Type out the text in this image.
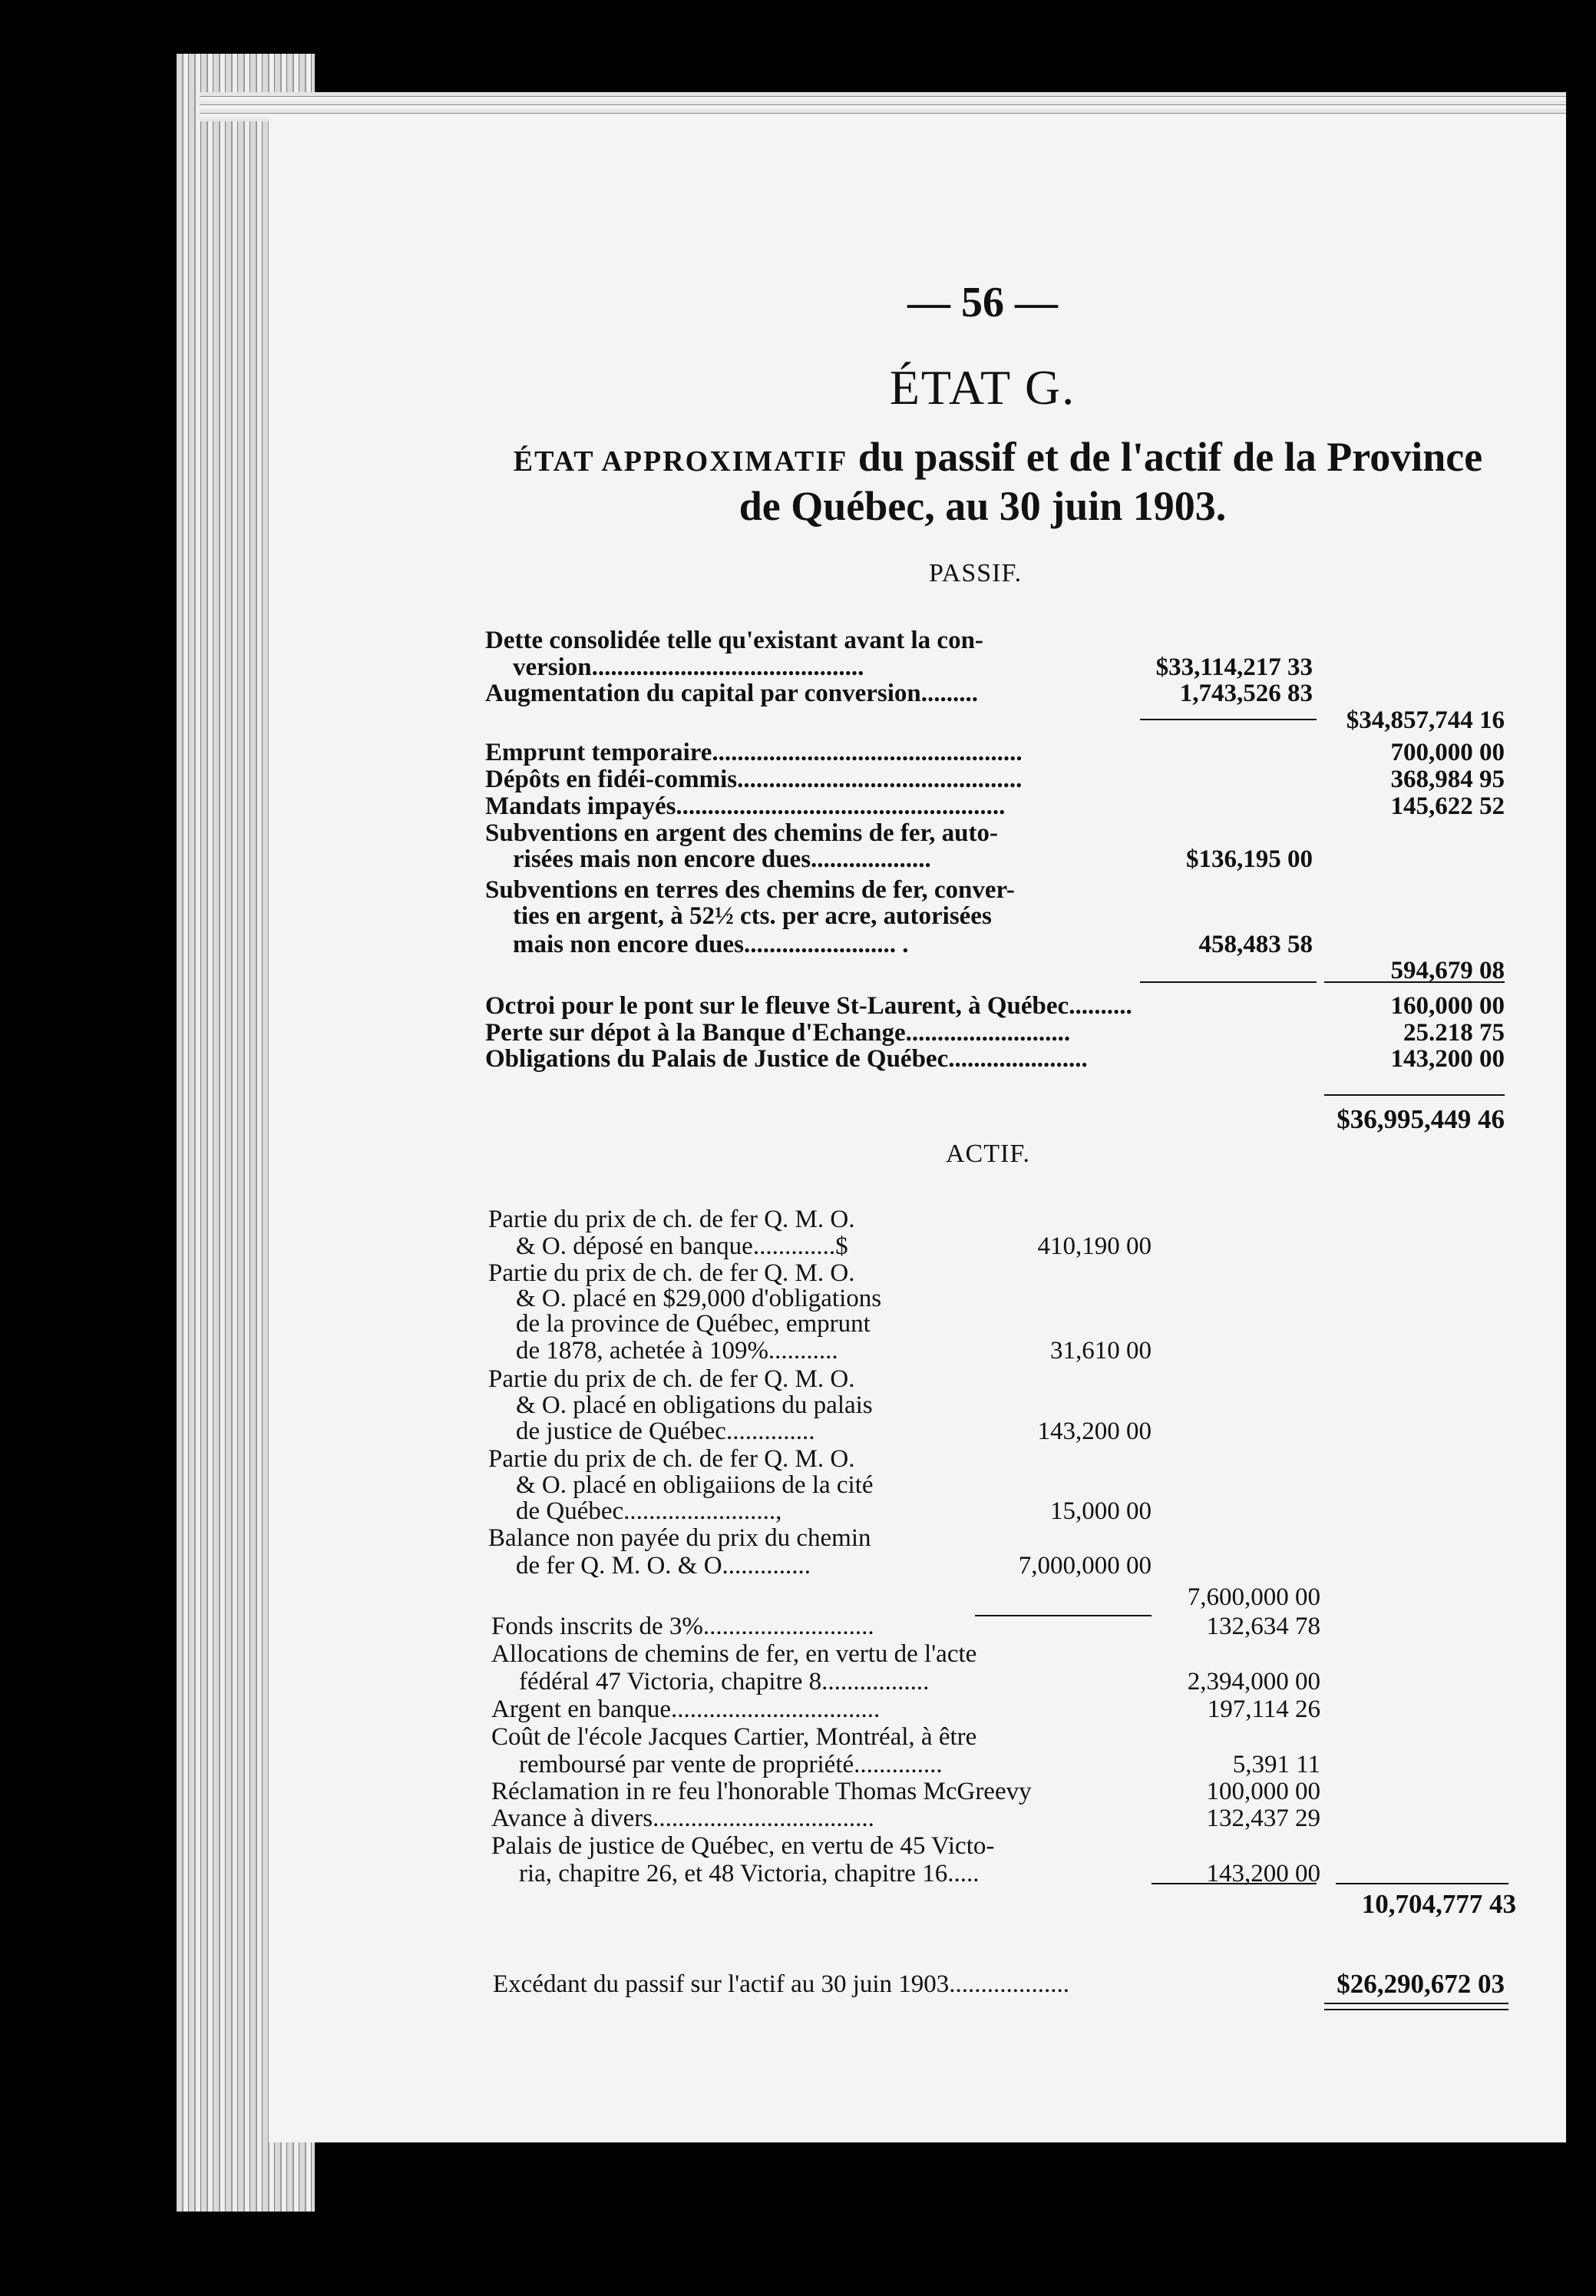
— 56 —
ÉTAT G.
ÉTAT APPROXIMATIF du passif et de l'actif de la Province
de Québec, au 30 juin 1903.
PASSIF.
Dette consolidée telle qu'existant avant la con-
version...........................................	$33,114,217 33
Augmentation du capital par conversion.........	1,743,526 83
$34,857,744 16
Emprunt temporaire.................................................	700,000 00
Dépôts en fidéi-commis.............................................	368,984 95
Mandats impayés....................................................	145,622 52
Subventions en argent des chemins de fer, auto-
risées mais non encore dues...................	$136,195 00
Subventions en terres des chemins de fer, conver-
ties en argent, à 52½ cts. per acre, autorisées
mais non encore dues........................ .	458,483 58
594,679 08
Octroi pour le pont sur le fleuve St-Laurent, à Québec..........	160,000 00
Perte sur dépot à la Banque d'Echange..........................	25.218 75
Obligations du Palais de Justice de Québec......................	143,200 00
$36,995,449 46
ACTIF.
Partie du prix de ch. de fer Q. M. O.
& O. déposé en banque.............$	410,190 00
Partie du prix de ch. de fer Q. M. O.
& O. placé en $29,000 d'obligations
de la province de Québec, emprunt
de 1878, achetée à 109%...........	31,610 00
Partie du prix de ch. de fer Q. M. O.
& O. placé en obligations du palais
de justice de Québec..............	143,200 00
Partie du prix de ch. de fer Q. M. O.
& O. placé en obligaiions de la cité
de Québec........................,	15,000 00
Balance non payée du prix du chemin
de fer Q. M. O. & O..............	7,000,000 00
7,600,000 00
Fonds inscrits de 3%...........................	132,634 78
Allocations de chemins de fer, en vertu de l'acte
fédéral 47 Victoria, chapitre 8.................	2,394,000 00
Argent en banque.................................	197,114 26
Coût de l'école Jacques Cartier, Montréal, à être
remboursé par vente de propriété..............	5,391 11
Réclamation in re feu l'honorable Thomas McGreevy	100,000 00
Avance à divers...................................	132,437 29
Palais de justice de Québec, en vertu de 45 Victo-
ria, chapitre 26, et 48 Victoria, chapitre 16.....	143,200 00
10,704,777 43
Excédant du passif sur l'actif au 30 juin 1903...................	$26,290,672 03
